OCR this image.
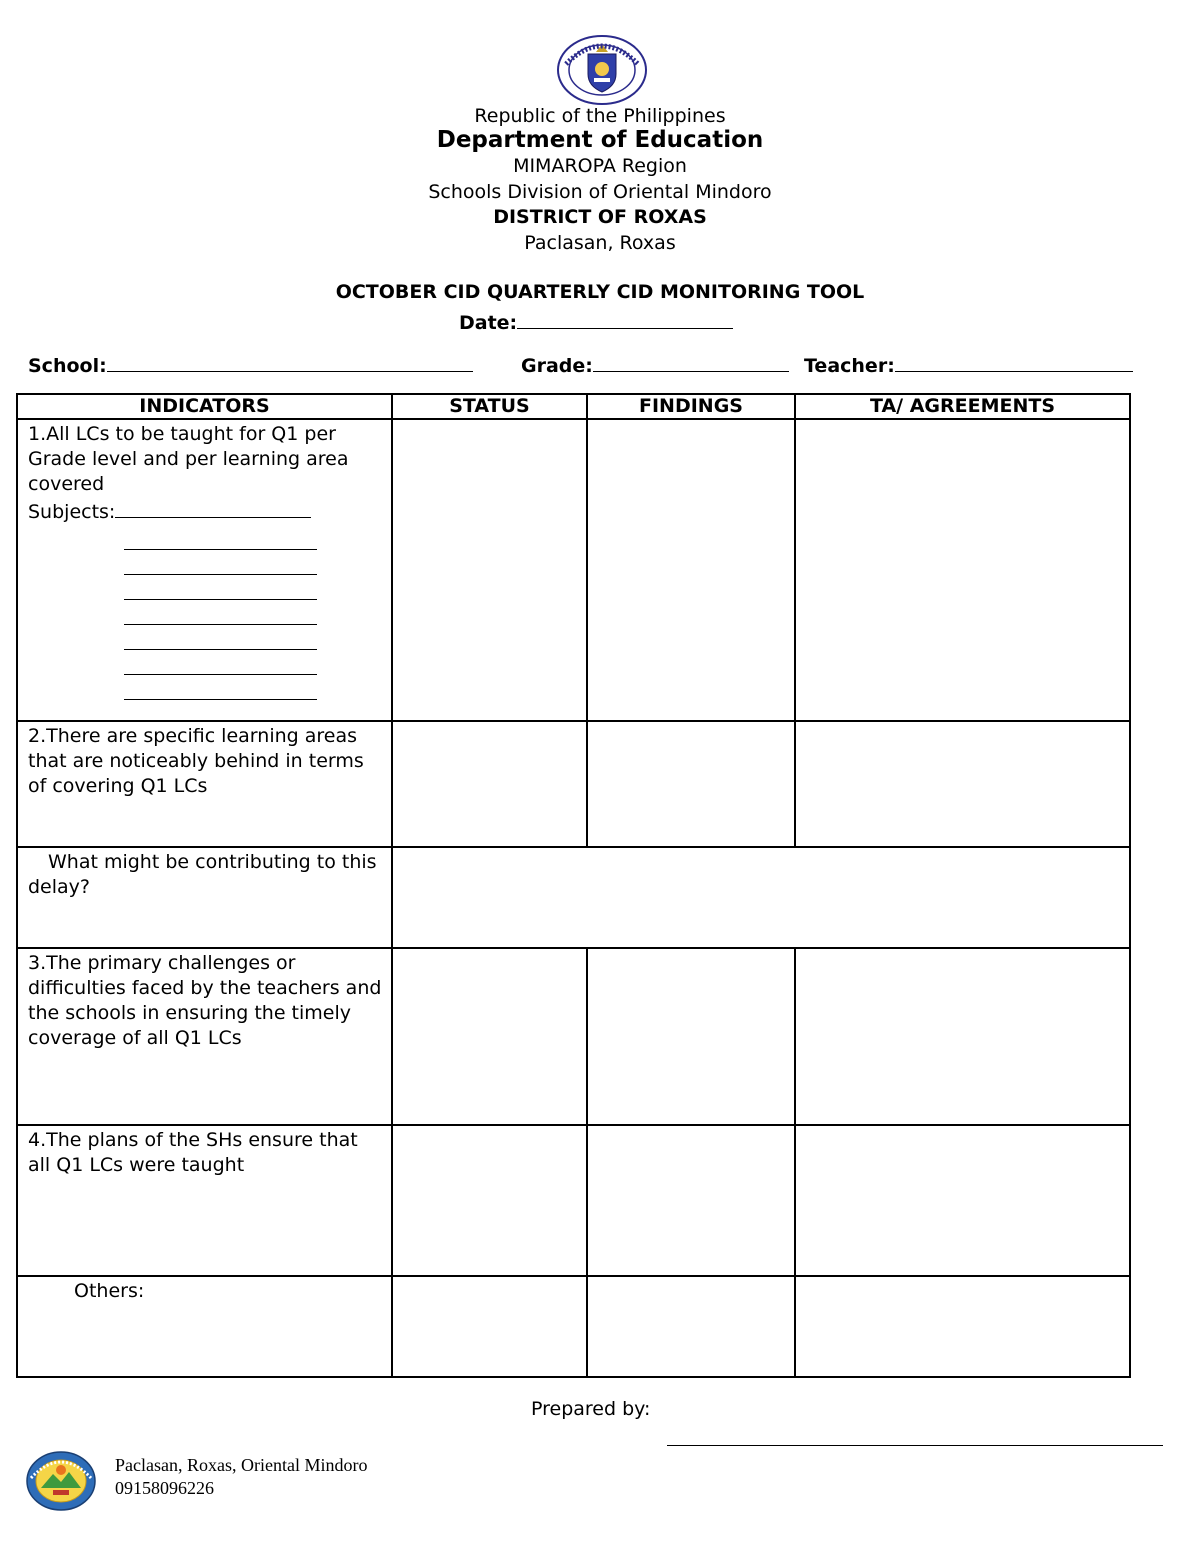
Republic of the Philippines
Department of Education
MIMAROPA Region
Schools Division of Oriental Mindoro
DISTRICT OF ROXAS
Paclasan, Roxas
OCTOBER CID QUARTERLY CID MONITORING TOOL
Date:
School:	Grade:	Teacher:
INDICATORS	STATUS	FINDINGS	TA/ AGREEMENTS

1.All LCs to be taught for Q1 per Grade level and per learning area covered
Subjects:			

2.There are specific learning areas that are noticeably behind in terms of covering Q1 LCs			

What might be contributing to this delay?			

3.The primary challenges or difficulties faced by the teachers and the schools in ensuring the timely coverage of all Q1 LCs			

4.The plans of the SHs ensure that all Q1 LCs were taught			

Others:			

Prepared by:
Paclasan, Roxas, Oriental Mindoro
09158096226
